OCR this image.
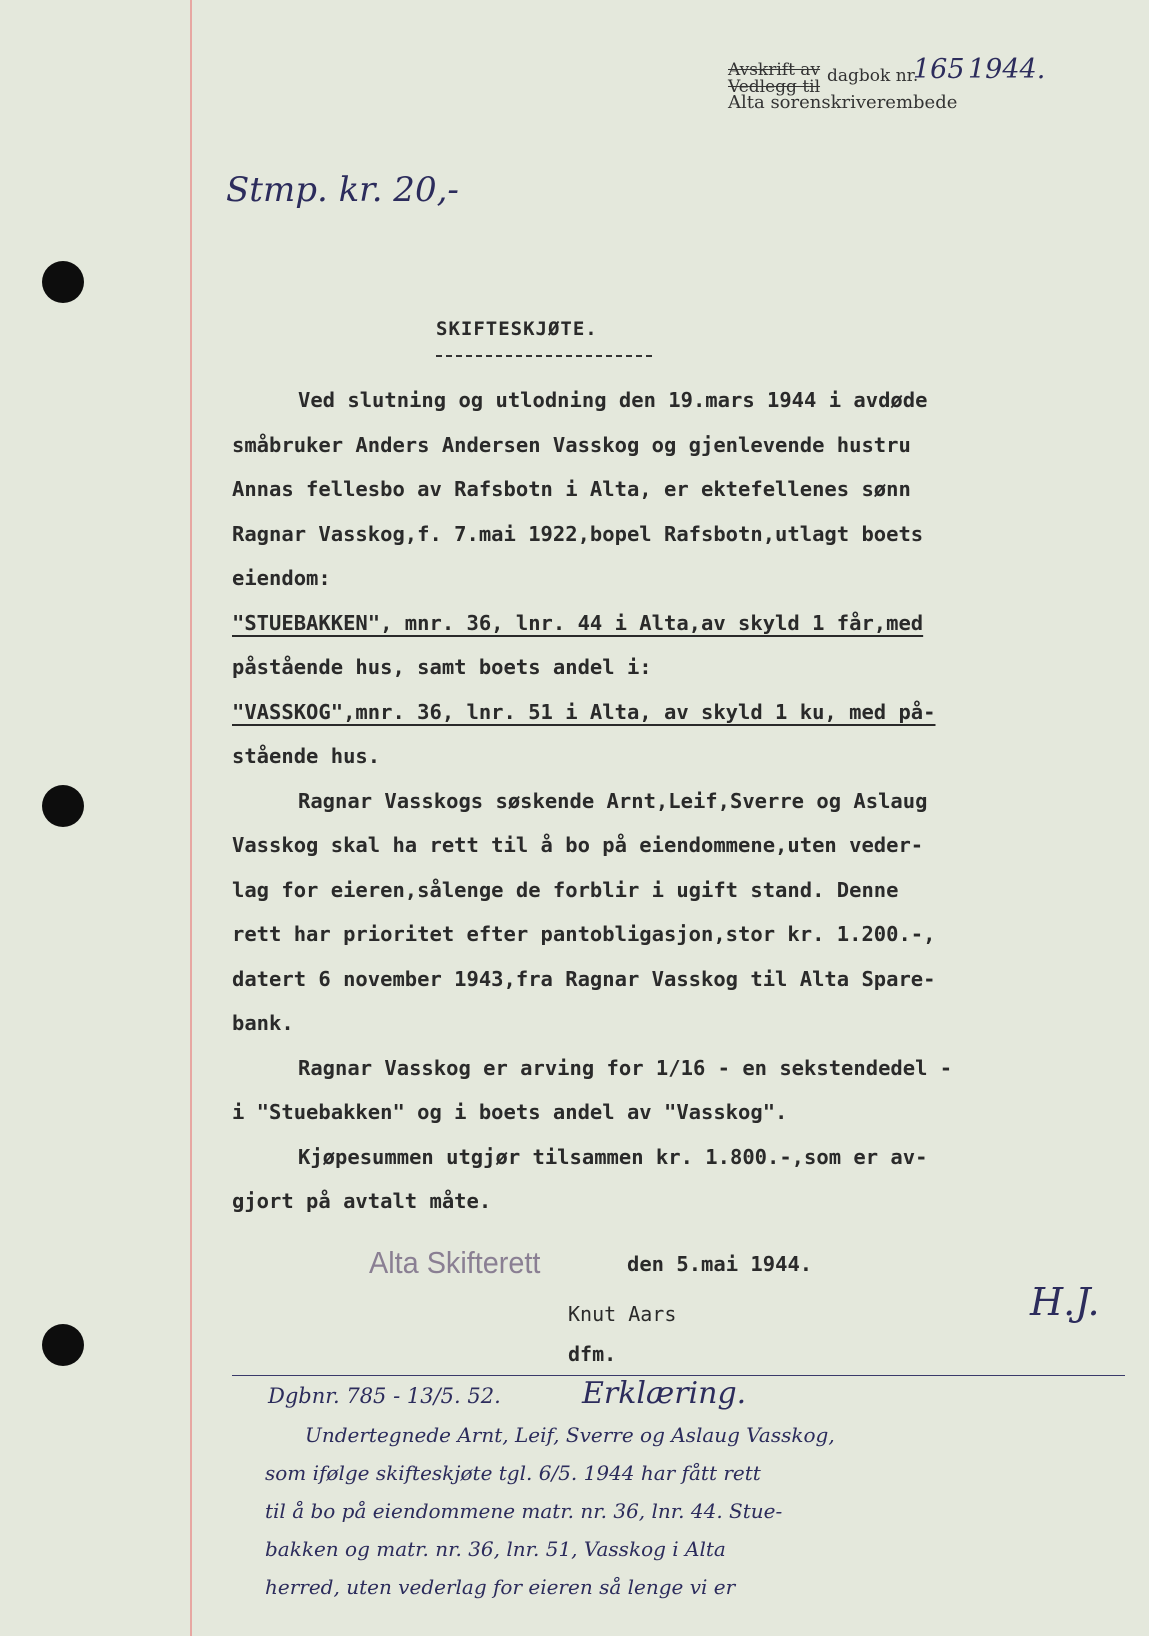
Avskrift av
Vedlegg til
dagbok nr.
165 1944.
Alta sorenskriverembede
Stmp. kr. 20,-
SKIFTESKJØTE.

Ved slutning og utlodning den 19.mars 1944 i avdøde

småbruker Anders Andersen Vasskog og gjenlevende hustru

Annas fellesbo av Rafsbotn i Alta, er ektefellenes sønn

Ragnar Vasskog,f. 7.mai 1922,bopel Rafsbotn,utlagt boets

eiendom:

"STUEBAKKEN", mnr. 36, lnr. 44 i Alta,av skyld 1 får,med

påstående hus, samt boets andel i:

"VASSKOG",mnr. 36, lnr. 51 i Alta, av skyld 1 ku, med på-

stående hus.

Ragnar Vasskogs søskende Arnt,Leif,Sverre og Aslaug

Vasskog skal ha rett til å bo på eiendommene,uten veder-

lag for eieren,sålenge de forblir i ugift stand. Denne

rett har prioritet efter pantobligasjon,stor kr. 1.200.-,

datert 6 november 1943,fra Ragnar Vasskog til Alta Spare-

bank.

Ragnar Vasskog er arving for 1/16 - en sekstendedel -

i "Stuebakken" og i boets andel av "Vasskog".

Kjøpesummen utgjør tilsammen kr. 1.800.-,som er av-

gjort på avtalt måte.

Alta Skifterett	den 5.mai 1944.
Knut Aars
dfm.
H.J.
Dgbnr. 785 - 13/5. 52.	Erklæring.

Undertegnede Arnt, Leif, Sverre og Aslaug Vasskog,

som ifølge skifteskjøte tgl. 6/5. 1944 har fått rett

til å bo på eiendommene matr. nr. 36, lnr. 44. Stue-

bakken og matr. nr. 36, lnr. 51, Vasskog i Alta

herred, uten vederlag for eieren så lenge vi er
